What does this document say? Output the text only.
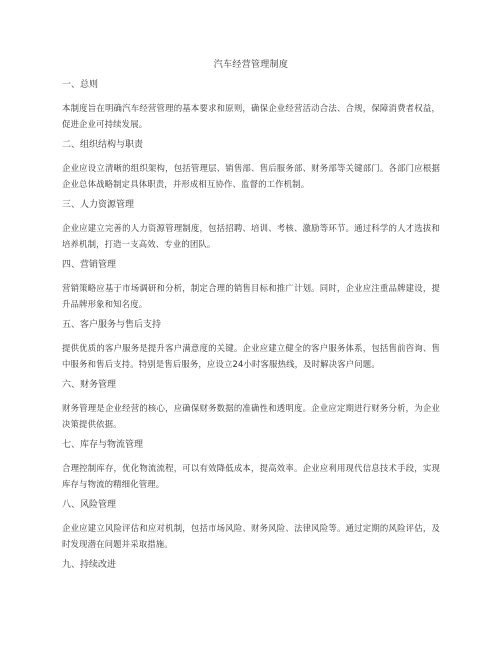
汽车经营管理制度
一、总则
本制度旨在明确汽车经营管理的基本要求和原则，确保企业经营活动合法、合规，保障消费者权益，促进企业可持续发展。
二、组织结构与职责
企业应设立清晰的组织架构，包括管理层、销售部、售后服务部、财务部等关键部门。各部门应根据企业总体战略制定具体职责，并形成相互协作、监督的工作机制。
三、人力资源管理
企业应建立完善的人力资源管理制度，包括招聘、培训、考核、激励等环节。通过科学的人才选拔和培养机制，打造一支高效、专业的团队。
四、营销管理
营销策略应基于市场调研和分析，制定合理的销售目标和推广计划。同时，企业应注重品牌建设，提升品牌形象和知名度。
五、客户服务与售后支持
提供优质的客户服务是提升客户满意度的关键。企业应建立健全的客户服务体系，包括售前咨询、售中服务和售后支持。特别是售后服务，应设立24小时客服热线，及时解决客户问题。
六、财务管理
财务管理是企业经营的核心，应确保财务数据的准确性和透明度。企业应定期进行财务分析，为企业决策提供依据。
七、库存与物流管理
合理控制库存，优化物流流程，可以有效降低成本，提高效率。企业应利用现代信息技术手段，实现库存与物流的精细化管理。
八、风险管理
企业应建立风险评估和应对机制，包括市场风险、财务风险、法律风险等。通过定期的风险评估，及时发现潜在问题并采取措施。
九、持续改进
